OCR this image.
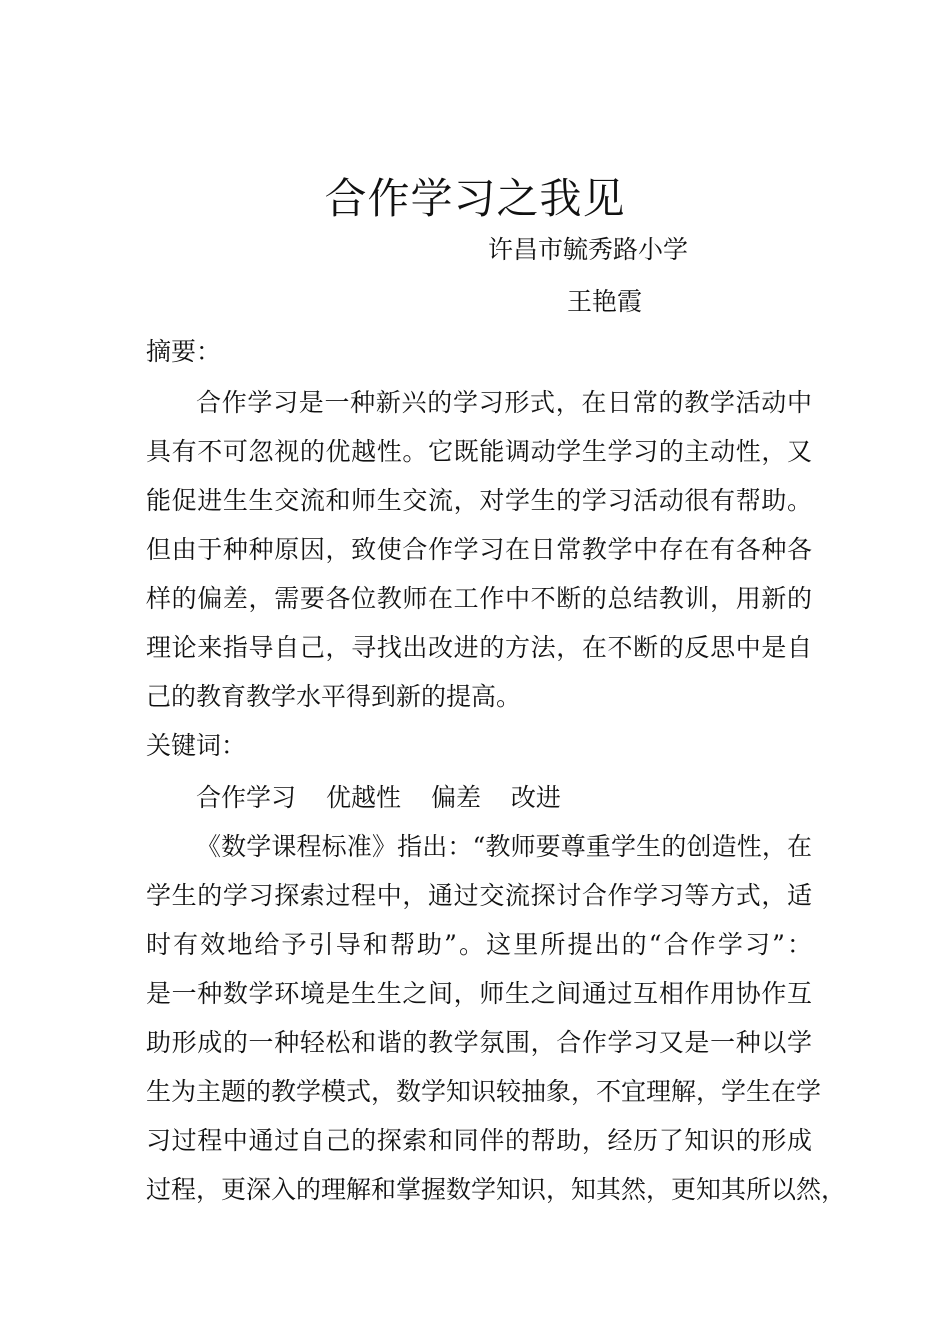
合作学习之我见
许昌市毓秀路小学
王艳霞
摘要：
合作学习是一种新兴的学习形式，在日常的教学活动中
具有不可忽视的优越性。它既能调动学生学习的主动性，又
能促进生生交流和师生交流，对学生的学习活动很有帮助。
但由于种种原因，致使合作学习在日常教学中存在有各种各
样的偏差，需要各位教师在工作中不断的总结教训，用新的
理论来指导自己，寻找出改进的方法，在不断的反思中是自
己的教育教学水平得到新的提高。
关键词：
合作学习 优越性 偏差 改进
《数学课程标准》指出：“教师要尊重学生的创造性，在
学生的学习探索过程中，通过交流探讨合作学习等方式，适
时有效地给予引导和帮助”。这里所提出的“合作学习”：
是一种数学环境是生生之间，师生之间通过互相作用协作互
助形成的一种轻松和谐的教学氛围，合作学习又是一种以学
生为主题的教学模式，数学知识较抽象，不宜理解，学生在学
习过程中通过自己的探索和同伴的帮助，经历了知识的形成
过程，更深入的理解和掌握数学知识，知其然，更知其所以然，
